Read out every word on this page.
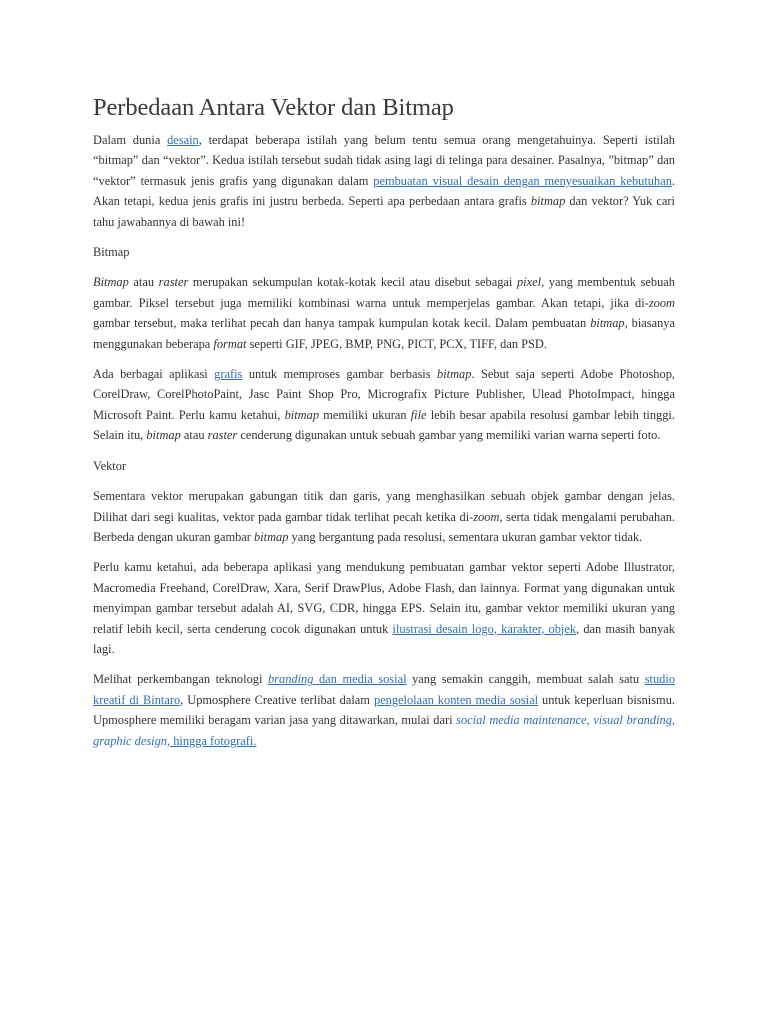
Perbedaan Antara Vektor dan Bitmap

Dalam dunia desain, terdapat beberapa istilah yang belum tentu semua orang mengetahuinya. Seperti istilah “bitmap” dan “vektor”. Kedua istilah tersebut sudah tidak asing lagi di telinga para desainer. Pasalnya, ”bitmap” dan “vektor” termasuk jenis grafis yang digunakan dalam pembuatan visual desain dengan menyesuaikan kebutuhan. Akan tetapi, kedua jenis grafis ini justru berbeda. Seperti apa perbedaan antara grafis bitmap dan vektor? Yuk cari tahu jawabannya di bawah ini!

Bitmap

Bitmap atau raster merupakan sekumpulan kotak-kotak kecil atau disebut sebagai pixel, yang membentuk sebuah gambar. Piksel tersebut juga memiliki kombinasi warna untuk memperjelas gambar. Akan tetapi, jika di-zoom gambar tersebut, maka terlihat pecah dan hanya tampak kumpulan kotak kecil. Dalam pembuatan bitmap, biasanya menggunakan beberapa format seperti GIF, JPEG, BMP, PNG, PICT, PCX, TIFF, dan PSD.

Ada berbagai aplikasi grafis untuk memproses gambar berbasis bitmap. Sebut saja seperti Adobe Photoshop, CorelDraw, CorelPhotoPaint, Jasc Paint Shop Pro, Micrografix Picture Publisher, Ulead PhotoImpact, hingga Microsoft Paint. Perlu kamu ketahui, bitmap memiliki ukuran file lebih besar apabila resolusi gambar lebih tinggi. Selain itu, bitmap atau raster cenderung digunakan untuk sebuah gambar yang memiliki varian warna seperti foto.

Vektor

Sementara vektor merupakan gabungan titik dan garis, yang menghasilkan sebuah objek gambar dengan jelas. Dilihat dari segi kualitas, vektor pada gambar tidak terlihat pecah ketika di-zoom, serta tidak mengalami perubahan. Berbeda dengan ukuran gambar bitmap yang bergantung pada resolusi, sementara ukuran gambar vektor tidak.

Perlu kamu ketahui, ada beberapa aplikasi yang mendukung pembuatan gambar vektor seperti Adobe Illustrator, Macromedia Freehand, CorelDraw, Xara, Serif DrawPlus, Adobe Flash, dan lainnya. Format yang digunakan untuk menyimpan gambar tersebut adalah AI, SVG, CDR, hingga EPS. Selain itu, gambar vektor memiliki ukuran yang relatif lebih kecil, serta cenderung cocok digunakan untuk ilustrasi desain logo, karakter, objek, dan masih banyak lagi.

Melihat perkembangan teknologi branding dan media sosial yang semakin canggih, membuat salah satu studio kreatif di Bintaro, Upmosphere Creative terlibat dalam pengelolaan konten media sosial untuk keperluan bisnismu. Upmosphere memiliki beragam varian jasa yang ditawarkan, mulai dari social media maintenance, visual branding, graphic design, hingga fotografi.
